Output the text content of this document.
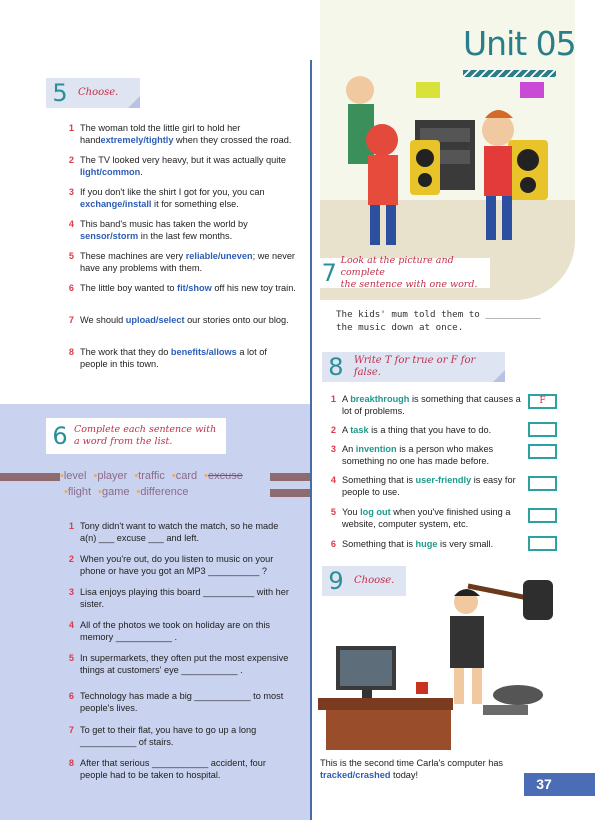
Unit 05
5	Choose.
1 The woman told the little girl to hold her handextremely/tightly when they crossed the road.
2 The TV looked very heavy, but it was actually quite light/common.
3 If you don't like the shirt I got for you, you can exchange/install it for something else.
4 This band's music has taken the world by sensor/storm in the last few months.
5 These machines are very reliable/uneven; we never have any problems with them.
6 The little boy wanted to fit/show off his new toy train.
7 We should upload/select our stories onto our blog.
8 The work that they do benefits/allows a lot of people in this town.
6 Complete each sentence with
a word from the list.
•level •player •traffic •card •excuse
•flight •game •difference
1 Tony didn't want to watch the match, so he made a(n) ___ excuse ___ and left.
2 When you're out, do you listen to music on your phone or have you got an MP3 __________ ?
3 Lisa enjoys playing this board __________ with her sister.
4 All of the photos we took on holiday are on this memory ___________ .
5 In supermarkets, they often put the most expensive things at customers' eye ___________ .
6 Technology has made a big ___________ to most people's lives.
7 To get to their flat, you have to go up a long ___________ of stairs.
8 After that serious ___________ accident, four people had to be taken to hospital.
7 Look at the picture and complete
the sentence with one word.
The kids' mum told them to __________ the music down at once.
8	Write T for true or F for false.
1 A breakthrough is something that causes a lot of problems.
F
2 A task is a thing that you have to do.
3 An invention is a person who makes something no one has made before.
4 Something that is user-friendly is easy for people to use.
5 You log out when you've finished using a website, computer system, etc.
6 Something that is huge is very small.
9	Choose.
This is the second time Carla's computer has tracked/crashed today!
37
